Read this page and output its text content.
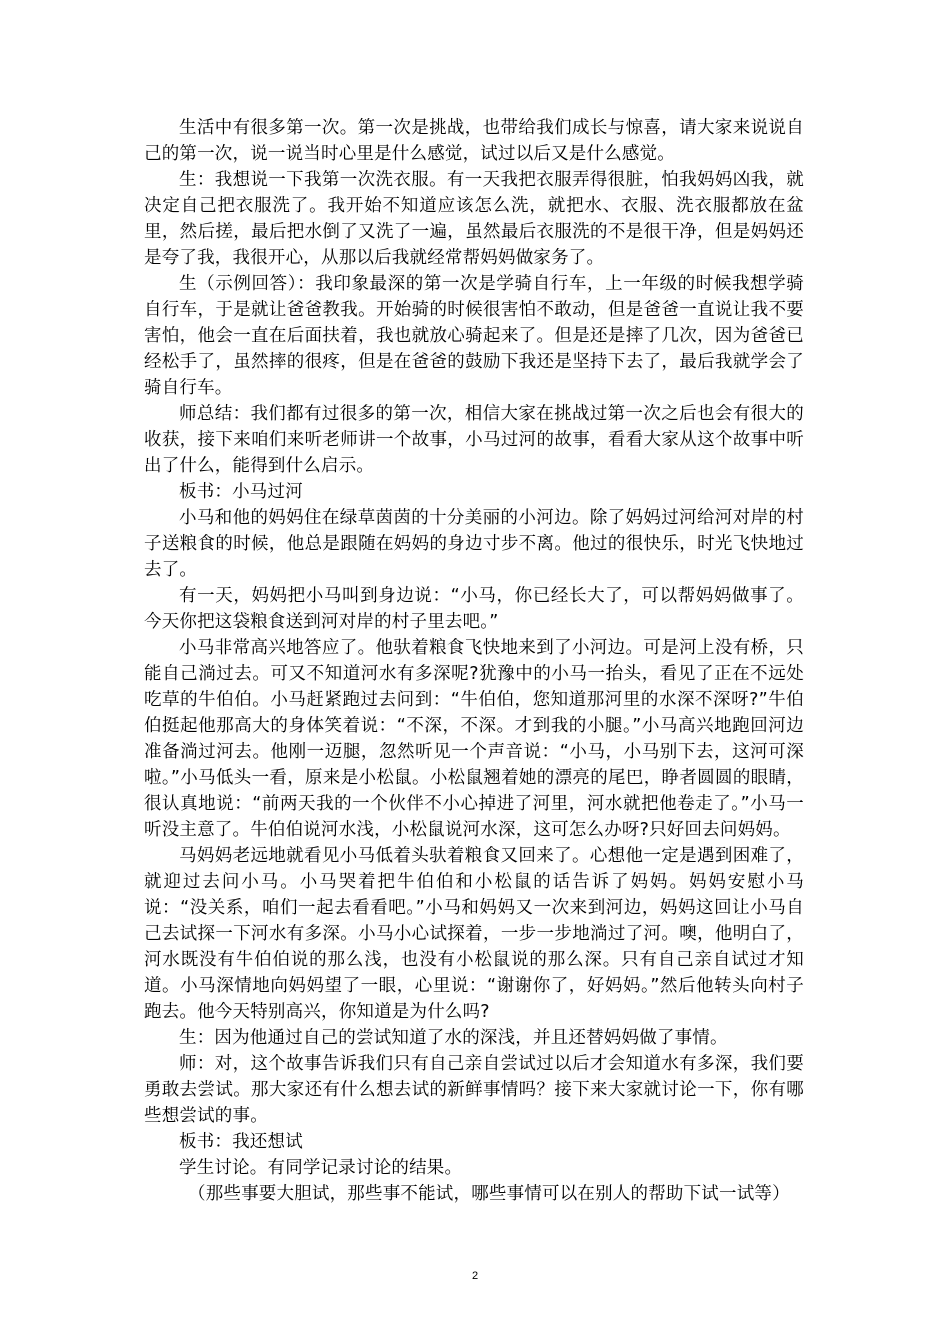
生活中有很多第一次。第一次是挑战，也带给我们成长与惊喜，请大家来说说自己的第一次，说一说当时心里是什么感觉，试过以后又是什么感觉。

生：我想说一下我第一次洗衣服。有一天我把衣服弄得很脏，怕我妈妈凶我，就决定自己把衣服洗了。我开始不知道应该怎么洗，就把水、衣服、洗衣服都放在盆里，然后搓，最后把水倒了又洗了一遍，虽然最后衣服洗的不是很干净，但是妈妈还是夸了我，我很开心，从那以后我就经常帮妈妈做家务了。

生（示例回答）：我印象最深的第一次是学骑自行车，上一年级的时候我想学骑自行车，于是就让爸爸教我。开始骑的时候很害怕不敢动，但是爸爸一直说让我不要害怕，他会一直在后面扶着，我也就放心骑起来了。但是还是摔了几次，因为爸爸已经松手了，虽然摔的很疼，但是在爸爸的鼓励下我还是坚持下去了，最后我就学会了骑自行车。

师总结：我们都有过很多的第一次，相信大家在挑战过第一次之后也会有很大的收获，接下来咱们来听老师讲一个故事，小马过河的故事，看看大家从这个故事中听出了什么，能得到什么启示。

板书：小马过河

小马和他的妈妈住在绿草茵茵的十分美丽的小河边。除了妈妈过河给河对岸的村子送粮食的时候，他总是跟随在妈妈的身边寸步不离。他过的很快乐，时光飞快地过去了。

有一天，妈妈把小马叫到身边说：“小马，你已经长大了，可以帮妈妈做事了。今天你把这袋粮食送到河对岸的村子里去吧。”

小马非常高兴地答应了。他驮着粮食飞快地来到了小河边。可是河上没有桥，只能自己淌过去。可又不知道河水有多深呢?犹豫中的小马一抬头，看见了正在不远处吃草的牛伯伯。小马赶紧跑过去问到：“牛伯伯，您知道那河里的水深不深呀?”牛伯伯挺起他那高大的身体笑着说：“不深，不深。才到我的小腿。”小马高兴地跑回河边准备淌过河去。他刚一迈腿，忽然听见一个声音说：“小马，小马别下去，这河可深啦。”小马低头一看，原来是小松鼠。小松鼠翘着她的漂亮的尾巴，睁者圆圆的眼睛，很认真地说：“前两天我的一个伙伴不小心掉进了河里，河水就把他卷走了。”小马一听没主意了。牛伯伯说河水浅，小松鼠说河水深，这可怎么办呀?只好回去问妈妈。

马妈妈老远地就看见小马低着头驮着粮食又回来了。心想他一定是遇到困难了，就迎过去问小马。小马哭着把牛伯伯和小松鼠的话告诉了妈妈。妈妈安慰小马说：“没关系，咱们一起去看看吧。”小马和妈妈又一次来到河边，妈妈这回让小马自己去试探一下河水有多深。小马小心试探着，一步一步地淌过了河。噢，他明白了，河水既没有牛伯伯说的那么浅，也没有小松鼠说的那么深。只有自己亲自试过才知道。小马深情地向妈妈望了一眼，心里说：“谢谢你了，好妈妈。”然后他转头向村子跑去。他今天特别高兴，你知道是为什么吗?

生：因为他通过自己的尝试知道了水的深浅，并且还替妈妈做了事情。

师：对，这个故事告诉我们只有自己亲自尝试过以后才会知道水有多深，我们要勇敢去尝试。那大家还有什么想去试的新鲜事情吗？接下来大家就讨论一下，你有哪些想尝试的事。

板书：我还想试

学生讨论。有同学记录讨论的结果。

（那些事要大胆试，那些事不能试，哪些事情可以在别人的帮助下试一试等）

2
